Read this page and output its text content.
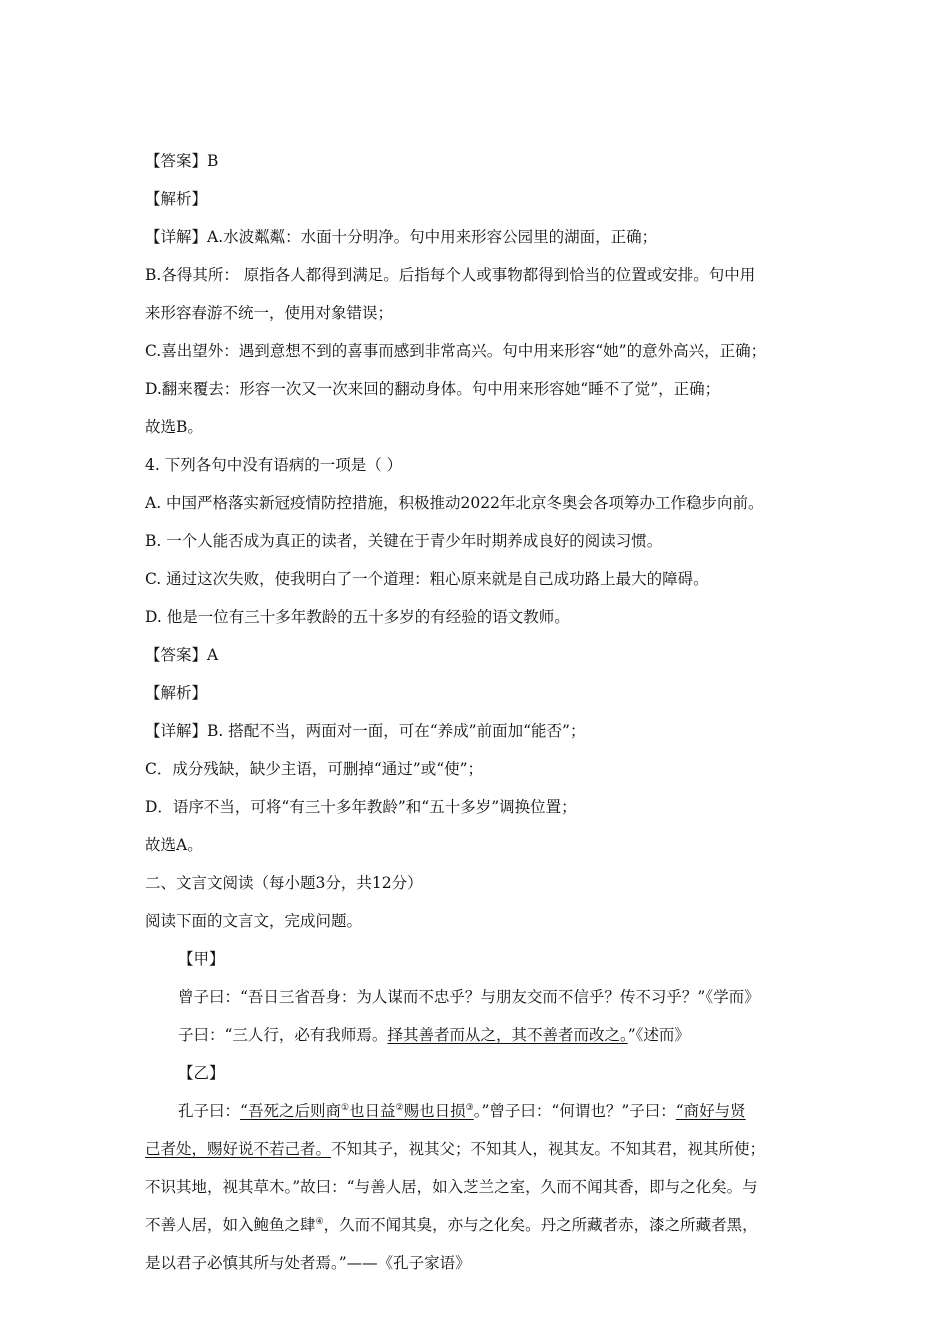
【答案】B
【解析】
【详解】A.水波粼粼：水面十分明净。句中用来形容公园里的湖面，正确；
B.各得其所： 原指各人都得到满足。后指每个人或事物都得到恰当的位置或安排。句中用
来形容春游不统一，使用对象错误；
C.喜出望外：遇到意想不到的喜事而感到非常高兴。句中用来形容“她”的意外高兴，正确；
D.翻来覆去：形容一次又一次来回的翻动身体。句中用来形容她“睡不了觉”，正确；
故选B。
4. 下列各句中没有语病的一项是（ ）
A. 中国严格落实新冠疫情防控措施，积极推动2022年北京冬奥会各项筹办工作稳步向前。
B. 一个人能否成为真正的读者，关键在于青少年时期养成良好的阅读习惯。
C. 通过这次失败，使我明白了一个道理：粗心原来就是自己成功路上最大的障碍。
D. 他是一位有三十多年教龄的五十多岁的有经验的语文教师。
【答案】A
【解析】
【详解】B. 搭配不当，两面对一面，可在“养成”前面加“能否”；
C．成分残缺，缺少主语，可删掉“通过”或“使”；
D．语序不当，可将“有三十多年教龄”和“五十多岁”调换位置；
故选A。
二、文言文阅读（每小题3分，共12分）
阅读下面的文言文，完成问题。
【甲】
曾子曰：“吾日三省吾身：为人谋而不忠乎？与朋友交而不信乎？传不习乎？”《学而》
子曰：“三人行，必有我师焉。择其善者而从之，其不善者而改之。”《述而》
【乙】
孔子曰：“吾死之后则商①也日益②赐也日损③。”曾子曰：“何谓也？”子曰：“商好与贤
己者处，赐好说不若己者。不知其子，视其父；不知其人，视其友。不知其君，视其所使；
不识其地，视其草木。”故曰：“与善人居，如入芝兰之室，久而不闻其香，即与之化矣。与
不善人居，如入鲍鱼之肆④，久而不闻其臭，亦与之化矣。丹之所藏者赤，漆之所藏者黑，
是以君子必慎其所与处者焉。”——《孔子家语》
